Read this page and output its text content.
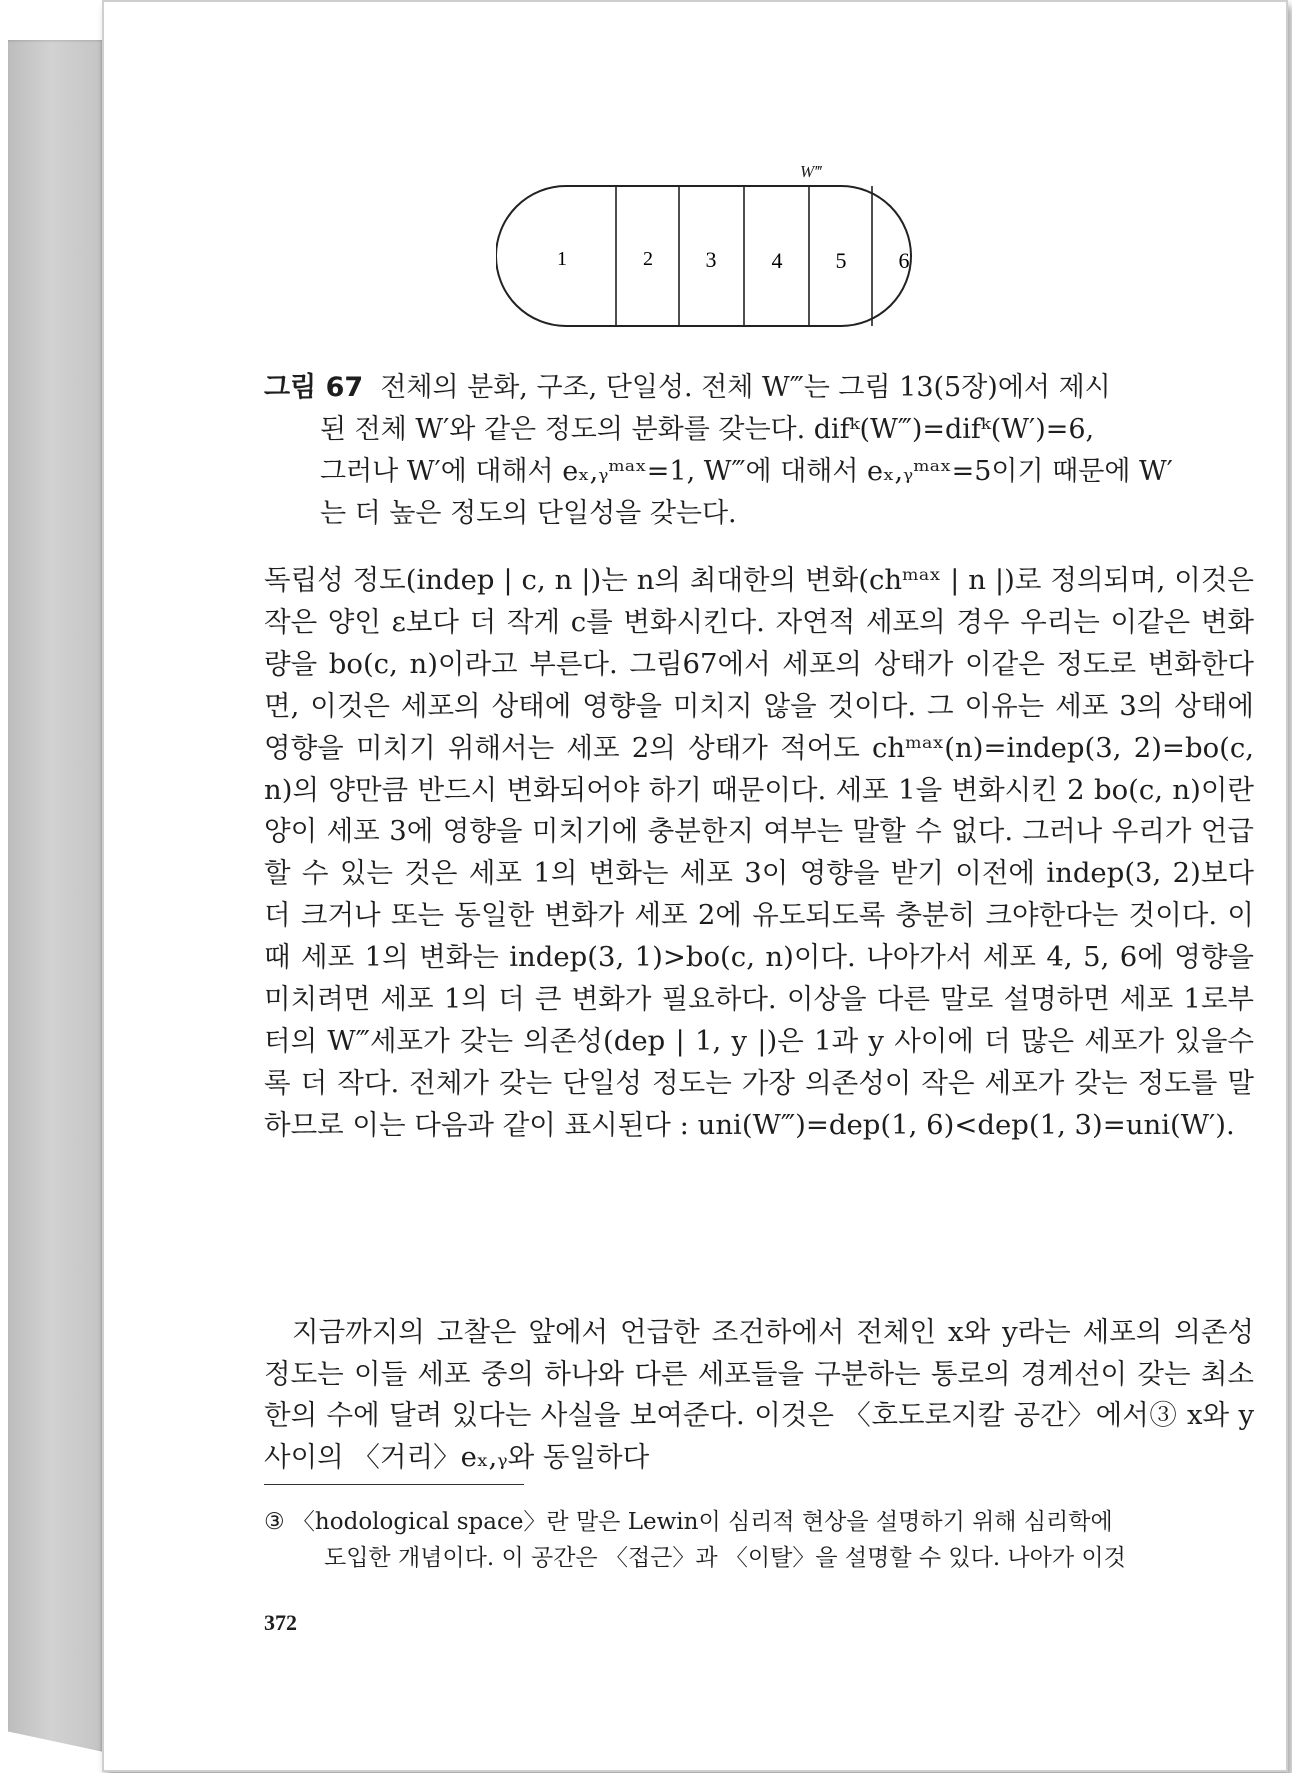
W‴
1	2 3	4 5 6
그림 67 전체의 분화, 구조, 단일성. 전체 W‴는 그림 13(5장)에서 제시
된 전체 W′와 같은 정도의 분화를 갖는다. difᵏ(W‴)=difᵏ(W′)=6,
그러나 W′에 대해서 eₓ,ᵧᵐᵃˣ=1, W‴에 대해서 eₓ,ᵧᵐᵃˣ=5이기 때문에 W′
는 더 높은 정도의 단일성을 갖는다.

독립성 정도(indep | c, n |)는 n의 최대한의 변화(chᵐᵃˣ | n |)로 정의되며, 이것은 작은 양인 ε보다 더 작게 c를 변화시킨다. 자연적 세포의 경우 우리는 이같은 변화량을 bo(c, n)이라고 부른다. 그림67에서 세포의 상태가 이같은 정도로 변화한다면, 이것은 세포의 상태에 영향을 미치지 않을 것이다. 그 이유는 세포 3의 상태에 영향을 미치기 위해서는 세포 2의 상태가 적어도 chᵐᵃˣ(n)=indep(3, 2)=bo(c, n)의 양만큼 반드시 변화되어야 하기 때문이다. 세포 1을 변화시킨 2 bo(c, n)이란 양이 세포 3에 영향을 미치기에 충분한지 여부는 말할 수 없다. 그러나 우리가 언급할 수 있는 것은 세포 1의 변화는 세포 3이 영향을 받기 이전에 indep(3, 2)보다 더 크거나 또는 동일한 변화가 세포 2에 유도되도록 충분히 크야한다는 것이다. 이때 세포 1의 변화는 indep(3, 1)>bo(c, n)이다. 나아가서 세포 4, 5, 6에 영향을 미치려면 세포 1의 더 큰 변화가 필요하다. 이상을 다른 말로 설명하면 세포 1로부터의 W‴세포가 갖는 의존성(dep | 1, y |)은 1과 y 사이에 더 많은 세포가 있을수록 더 작다. 전체가 갖는 단일성 정도는 가장 의존성이 작은 세포가 갖는 정도를 말하므로 이는 다음과 같이 표시된다 : uni(W‴)=dep(1, 6)<dep(1, 3)=uni(W′).

지금까지의 고찰은 앞에서 언급한 조건하에서 전체인 x와 y라는 세포의 의존성 정도는 이들 세포 중의 하나와 다른 세포들을 구분하는 통로의 경계선이 갖는 최소한의 수에 달려 있다는 사실을 보여준다. 이것은 〈호도로지칼 공간〉에서③ x와 y사이의 〈거리〉eₓ,ᵧ와 동일하다

③ 〈hodological space〉란 말은 Lewin이 심리적 현상을 설명하기 위해 심리학에
도입한 개념이다. 이 공간은 〈접근〉과 〈이탈〉을 설명할 수 있다. 나아가 이것
372
